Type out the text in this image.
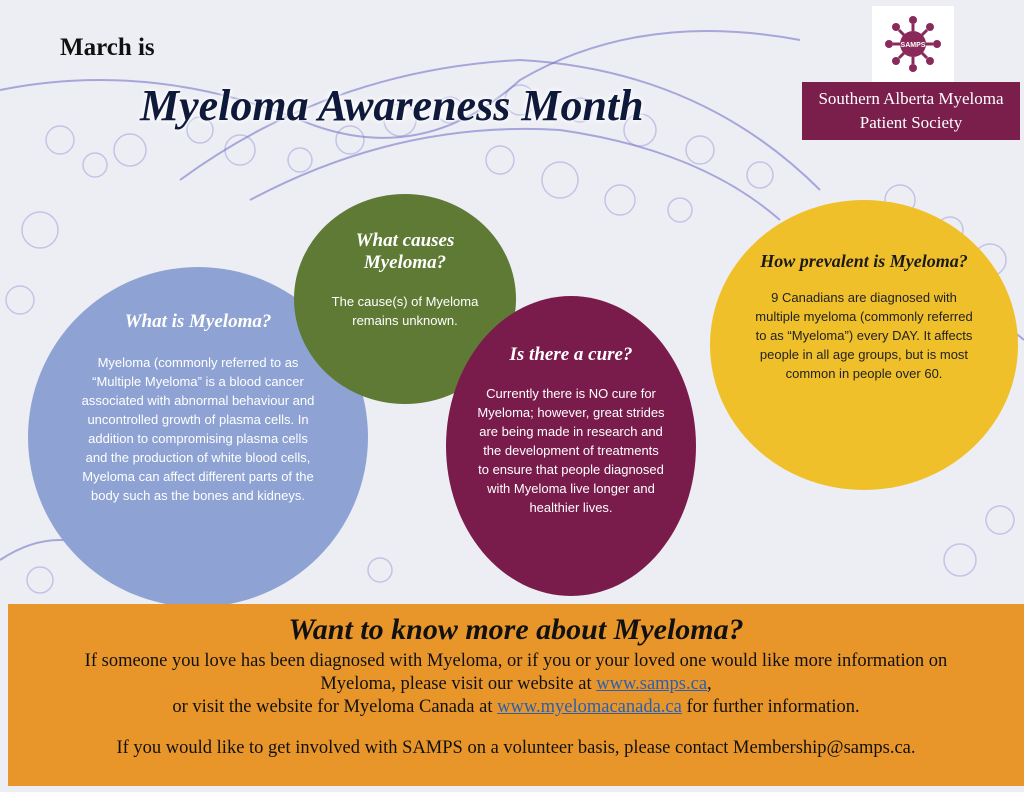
March is
Myeloma Awareness Month
SAMPS
Southern Alberta Myeloma
Patient Society
What is Myeloma?
Myeloma (commonly referred to as “Multiple Myeloma” is a blood cancer associated with abnormal behaviour and uncontrolled growth of plasma cells. In addition to compromising plasma cells and the production of white blood cells, Myeloma can affect different parts of the body such as the bones and kidneys.
What causes Myeloma?
The cause(s) of Myeloma remains unknown.
Is there a cure?
Currently there is NO cure for Myeloma; however, great strides are being made in research and the development of treatments to ensure that people diagnosed with Myeloma live longer and healthier lives.
How prevalent is Myeloma?
9 Canadians are diagnosed with multiple myeloma (commonly referred to as “Myeloma”) every DAY. It affects people in all age groups, but is most common in people over 60.
Want to know more about Myeloma?
If someone you love has been diagnosed with Myeloma, or if you or your loved one would like more information on
Myeloma, please visit our website at www.samps.ca,
or visit the website for Myeloma Canada at www.myelomacanada.ca for further information.
If you would like to get involved with SAMPS on a volunteer basis, please contact Membership@samps.ca.
